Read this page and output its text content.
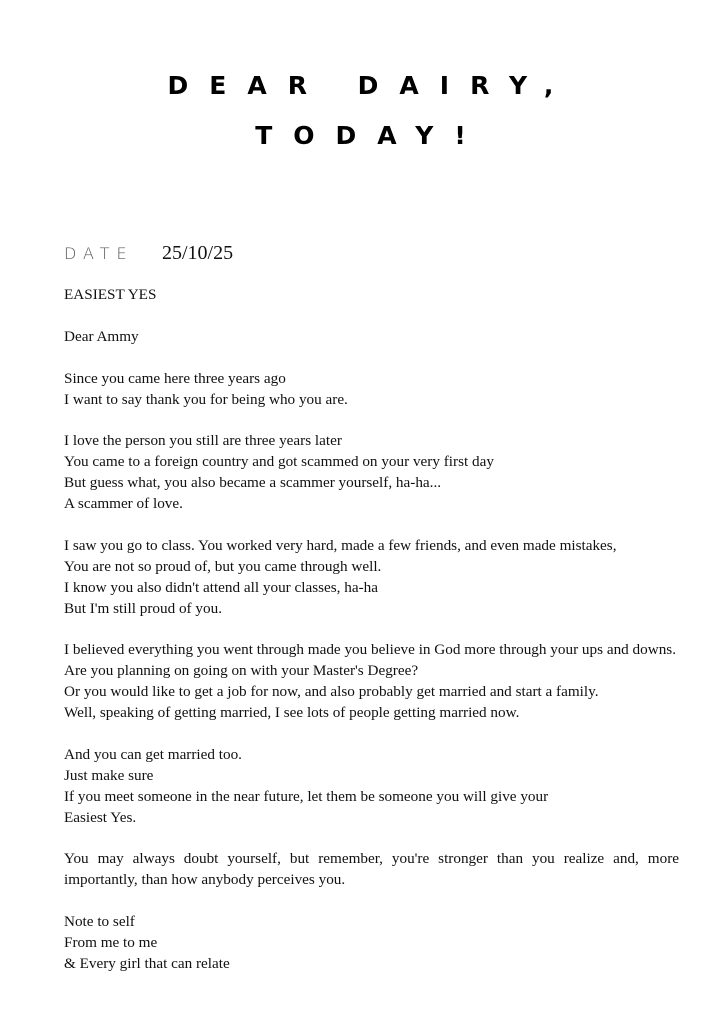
DEAR DAIRY,
TODAY!
DATE	25/10/25

EASIEST YES

Dear Ammy

Since you came here three years ago
I want to say thank you for being who you are.

I love the person you still are three years later
You came to a foreign country and got scammed on your very first day
But guess what, you also became a scammer yourself, ha-ha...
A scammer of love.

I saw you go to class. You worked very hard, made a few friends, and even made mistakes,
You are not so proud of, but you came through well.
I know you also didn't attend all your classes, ha-ha
But I'm still proud of you.

I believed everything you went through made you believe in God more through your ups and downs.
Are you planning on going on with your Master's Degree?
Or you would like to get a job for now, and also probably get married and start a family.
Well, speaking of getting married, I see lots of people getting married now.

And you can get married too.
Just make sure
If you meet someone in the near future, let them be someone you will give your
Easiest Yes.

You may always doubt yourself, but remember, you're stronger than you realize and, more importantly, than how anybody perceives you.

Note to self
From me to me
& Every girl that can relate
